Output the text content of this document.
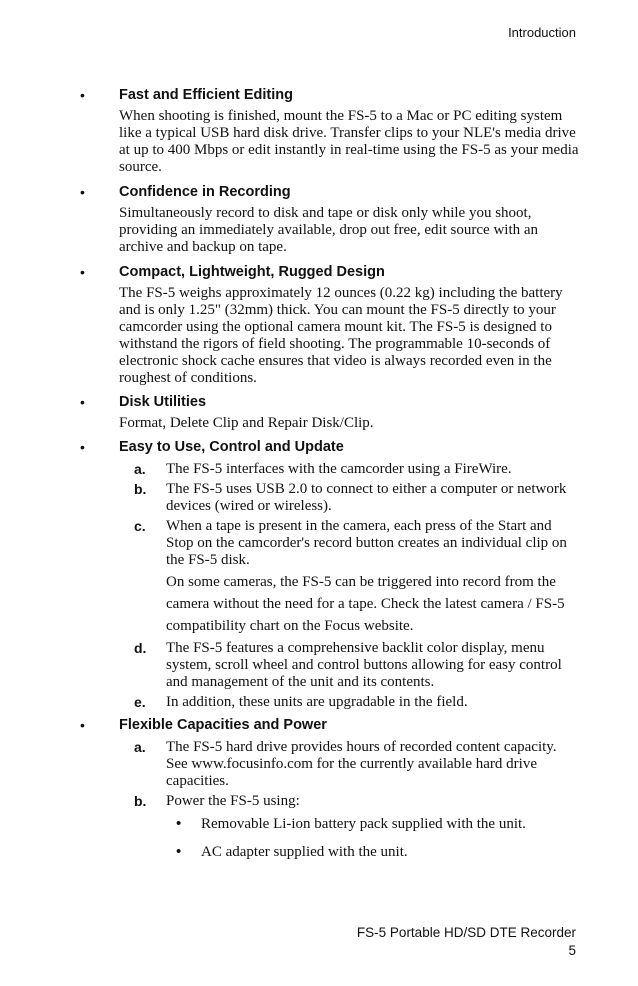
Introduction
• Fast and Efficient Editing
When shooting is finished, mount the FS-5 to a Mac or PC editing system like a typical USB hard disk drive. Transfer clips to your NLE's media drive at up to 400 Mbps or edit instantly in real-time using the FS-5 as your media source.
• Confidence in Recording
Simultaneously record to disk and tape or disk only while you shoot, providing an immediately available, drop out free, edit source with an archive and backup on tape.
• Compact, Lightweight, Rugged Design
The FS-5 weighs approximately 12 ounces (0.22 kg) including the battery and is only 1.25" (32mm) thick. You can mount the FS-5 directly to your camcorder using the optional camera mount kit. The FS-5 is designed to withstand the rigors of field shooting. The programmable 10-seconds of electronic shock cache ensures that video is always recorded even in the roughest of conditions.
• Disk Utilities
Format, Delete Clip and Repair Disk/Clip.
• Easy to Use, Control and Update
a. The FS-5 interfaces with the camcorder using a FireWire.
b. The FS-5 uses USB 2.0 to connect to either a computer or network devices (wired or wireless).
c. When a tape is present in the camera, each press of the Start and Stop on the camcorder's record button creates an individual clip on the FS-5 disk.
On some cameras, the FS-5 can be triggered into record from the camera without the need for a tape. Check the latest camera / FS-5 compatibility chart on the Focus website.
d. The FS-5 features a comprehensive backlit color display, menu system, scroll wheel and control buttons allowing for easy control and management of the unit and its contents.
e. In addition, these units are upgradable in the field.
• Flexible Capacities and Power
a. The FS-5 hard drive provides hours of recorded content capacity. See www.focusinfo.com for the currently available hard drive capacities.
b. Power the FS-5 using:
• Removable Li-ion battery pack supplied with the unit.
• AC adapter supplied with the unit.
FS-5 Portable HD/SD DTE Recorder
5
